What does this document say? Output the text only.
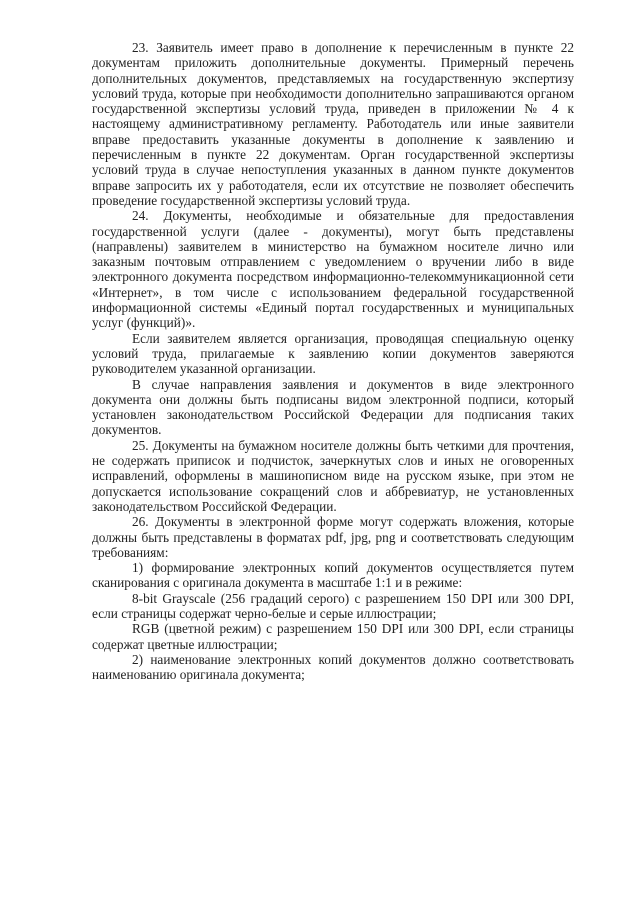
23. Заявитель имеет право в дополнение к перечисленным в пункте 22 документам приложить дополнительные документы. Примерный перечень дополнительных документов, представляемых на государственную экспертизу условий труда, которые при необходимости дополнительно запрашиваются органом государственной экспертизы условий труда, приведен в приложении № 4 к настоящему административному регламенту. Работодатель или иные заявители вправе предоставить указанные документы в дополнение к заявлению и перечисленным в пункте 22 документам. Орган государственной экспертизы условий труда в случае непоступления указанных в данном пункте документов вправе запросить их у работодателя, если их отсутствие не позволяет обеспечить проведение государственной экспертизы условий труда.

24. Документы, необходимые и обязательные для предоставления государственной услуги (далее - документы), могут быть представлены (направлены) заявителем в министерство на бумажном носителе лично или заказным почтовым отправлением с уведомлением о вручении либо в виде электронного документа посредством информационно-телекоммуникационной сети «Интернет», в том числе с использованием федеральной государственной информационной системы «Единый портал государственных и муниципальных услуг (функций)».

Если заявителем является организация, проводящая специальную оценку условий труда, прилагаемые к заявлению копии документов заверяются руководителем указанной организации.

В случае направления заявления и документов в виде электронного документа они должны быть подписаны видом электронной подписи, который установлен законодательством Российской Федерации для подписания таких документов.

25. Документы на бумажном носителе должны быть четкими для прочтения, не содержать приписок и подчисток, зачеркнутых слов и иных не оговоренных исправлений, оформлены в машинописном виде на русском языке, при этом не допускается использование сокращений слов и аббревиатур, не установленных законодательством Российской Федерации.

26. Документы в электронной форме могут содержать вложения, которые должны быть представлены в форматах pdf, jpg, png и соответствовать следующим требованиям:

1) формирование электронных копий документов осуществляется путем сканирования с оригинала документа в масштабе 1:1 и в режиме:

8-bit Grayscale (256 градаций серого) с разрешением 150 DPI или 300 DPI, если страницы содержат черно-белые и серые иллюстрации;

RGB (цветной режим) с разрешением 150 DPI или 300 DPI, если страницы содержат цветные иллюстрации;

2) наименование электронных копий документов должно соответствовать наименованию оригинала документа;
